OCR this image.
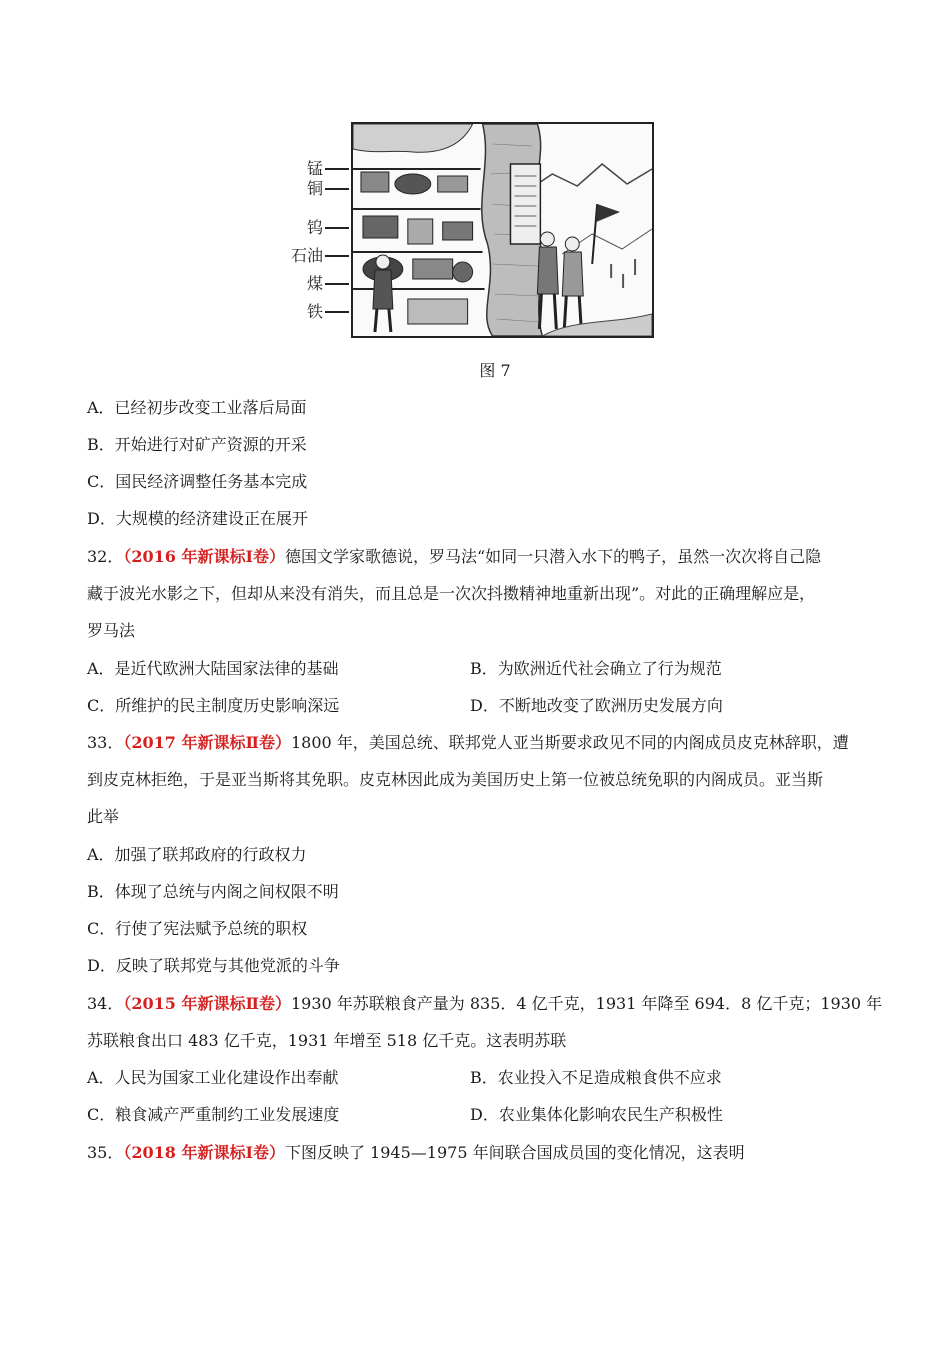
锰
铜
钨
石油
煤
铁
图 7
A．已经初步改变工业落后局面
B．开始进行对矿产资源的开采
C．国民经济调整任务基本完成
D．大规模的经济建设正在展开
32．（2016 年新课标Ⅰ卷）德国文学家歌德说，罗马法“如同一只潜入水下的鸭子，虽然一次次将自己隐
藏于波光水影之下，但却从来没有消失，而且总是一次次抖擞精神地重新出现”。对此的正确理解应是，
罗马法
A．是近代欧洲大陆国家法律的基础	B．为欧洲近代社会确立了行为规范
C．所维护的民主制度历史影响深远	D．不断地改变了欧洲历史发展方向
33．（2017 年新课标Ⅱ卷）1800 年，美国总统、联邦党人亚当斯要求政见不同的内阁成员皮克林辞职，遭
到皮克林拒绝，于是亚当斯将其免职。皮克林因此成为美国历史上第一位被总统免职的内阁成员。亚当斯
此举
A．加强了联邦政府的行政权力
B．体现了总统与内阁之间权限不明
C．行使了宪法赋予总统的职权
D．反映了联邦党与其他党派的斗争
34．（2015 年新课标Ⅱ卷）1930 年苏联粮食产量为 835．4 亿千克，1931 年降至 694．8 亿千克；1930 年
苏联粮食出口 483 亿千克，1931 年增至 518 亿千克。这表明苏联
A．人民为国家工业化建设作出奉献	B．农业投入不足造成粮食供不应求
C．粮食减产严重制约工业发展速度	D．农业集体化影响农民生产积极性
35．（2018 年新课标Ⅰ卷）下图反映了 1945—1975 年间联合国成员国的变化情况，这表明
